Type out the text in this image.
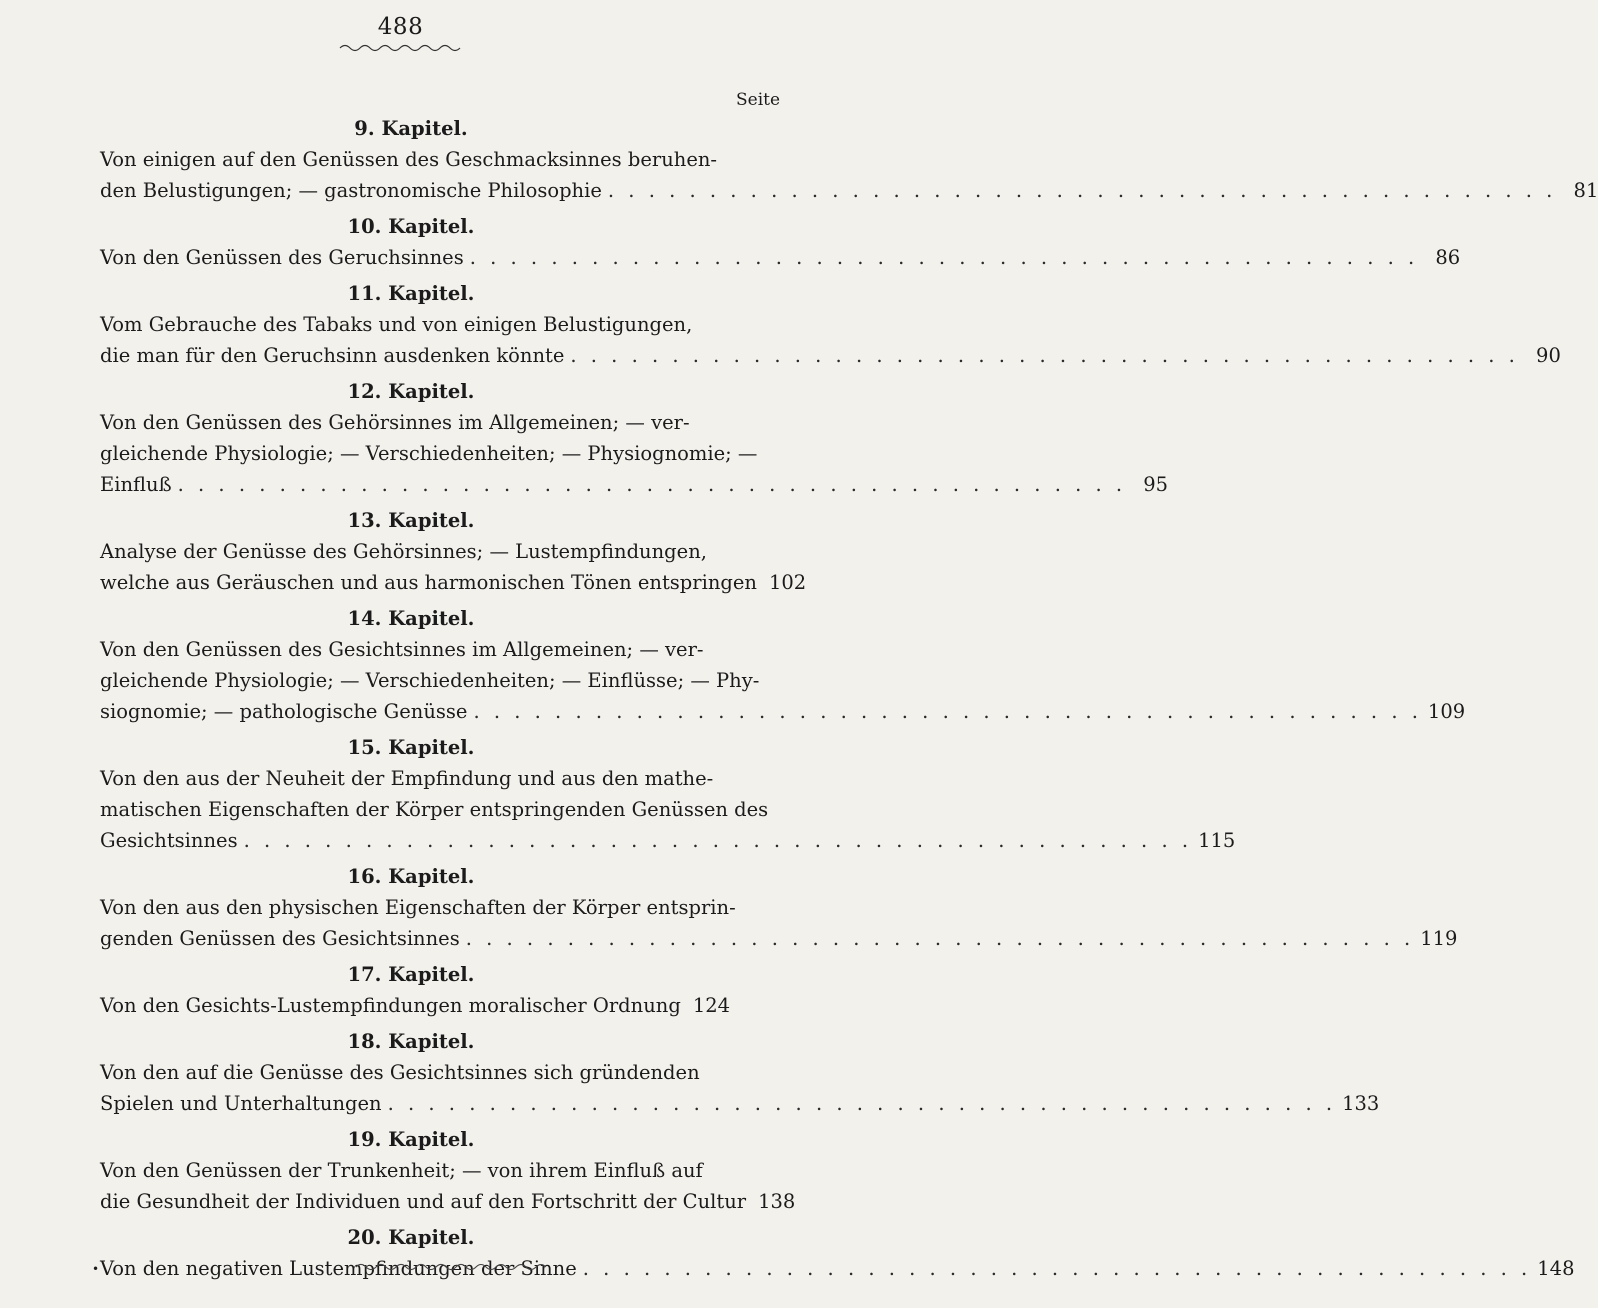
488
Seite
9. Kapitel.
Von einigen auf den Genüssen des Geschmacksinnes beruhen-
den Belustigungen; — gastronomische Philosophie . . .	81
10. Kapitel.
Von den Genüssen des Geruchsinnes . . .	86
11. Kapitel.
Vom Gebrauche des Tabaks und von einigen Belustigungen,
die man für den Geruchsinn ausdenken könnte . . .	90
12. Kapitel.
Von den Genüssen des Gehörsinnes im Allgemeinen; — ver-
gleichende Physiologie; — Verschiedenheiten; — Physiognomie; —
Einfluß . . .	95
13. Kapitel.
Analyse der Genüsse des Gehörsinnes; — Lustempfindungen,
welche aus Geräuschen und aus harmonischen Tönen entspringen 102
14. Kapitel.
Von den Genüssen des Gesichtsinnes im Allgemeinen; — ver-
gleichende Physiologie; — Verschiedenheiten; — Einflüsse; — Phy-
siognomie; — pathologische Genüsse . . .	109
15. Kapitel.
Von den aus der Neuheit der Empfindung und aus den mathe-
matischen Eigenschaften der Körper entspringenden Genüssen des
Gesichtsinnes . . .	115
16. Kapitel.
Von den aus den physischen Eigenschaften der Körper entsprin-
genden Genüssen des Gesichtsinnes . . .	119
17. Kapitel.
Von den Gesichts-Lustempfindungen moralischer Ordnung 124
18. Kapitel.
Von den auf die Genüsse des Gesichtsinnes sich gründenden
Spielen und Unterhaltungen . . .	133
19. Kapitel.
Von den Genüssen der Trunkenheit; — von ihrem Einfluß auf
die Gesundheit der Individuen und auf den Fortschritt der Cultur 138
20. Kapitel.
Von den negativen Lustempfindungen der Sinne . . .	148
•
